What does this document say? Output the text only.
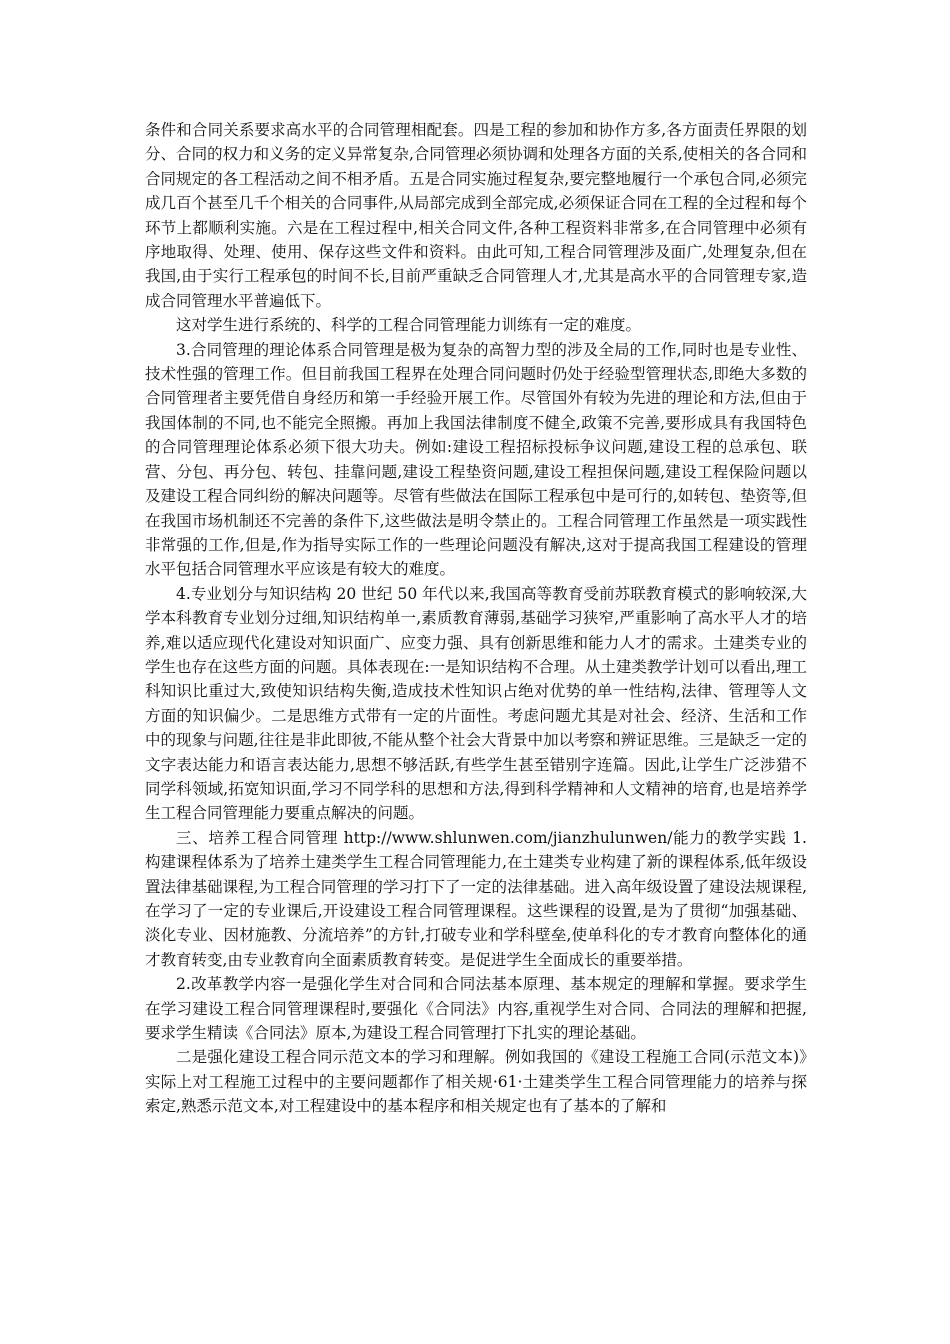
条件和合同关系要求高水平的合同管理相配套。四是工程的参加和协作方多,各方面责任界限的划分、合同的权力和义务的定义异常复杂,合同管理必须协调和处理各方面的关系,使相关的各合同和合同规定的各工程活动之间不相矛盾。五是合同实施过程复杂,要完整地履行一个承包合同,必须完成几百个甚至几千个相关的合同事件,从局部完成到全部完成,必须保证合同在工程的全过程和每个环节上都顺利实施。六是在工程过程中,相关合同文件,各种工程资料非常多,在合同管理中必须有序地取得、处理、使用、保存这些文件和资料。由此可知,工程合同管理涉及面广,处理复杂,但在我国,由于实行工程承包的时间不长,目前严重缺乏合同管理人才,尤其是高水平的合同管理专家,造成合同管理水平普遍低下。

这对学生进行系统的、科学的工程合同管理能力训练有一定的难度。

3.合同管理的理论体系合同管理是极为复杂的高智力型的涉及全局的工作,同时也是专业性、技术性强的管理工作。但目前我国工程界在处理合同问题时仍处于经验型管理状态,即绝大多数的合同管理者主要凭借自身经历和第一手经验开展工作。尽管国外有较为先进的理论和方法,但由于我国体制的不同,也不能完全照搬。再加上我国法律制度不健全,政策不完善,要形成具有我国特色的合同管理理论体系必须下很大功夫。例如:建设工程招标投标争议问题,建设工程的总承包、联营、分包、再分包、转包、挂靠问题,建设工程垫资问题,建设工程担保问题,建设工程保险问题以及建设工程合同纠纷的解决问题等。尽管有些做法在国际工程承包中是可行的,如转包、垫资等,但在我国市场机制还不完善的条件下,这些做法是明令禁止的。工程合同管理工作虽然是一项实践性非常强的工作,但是,作为指导实际工作的一些理论问题没有解决,这对于提高我国工程建设的管理水平包括合同管理水平应该是有较大的难度。

4.专业划分与知识结构 20 世纪 50 年代以来,我国高等教育受前苏联教育模式的影响较深,大学本科教育专业划分过细,知识结构单一,素质教育薄弱,基础学习狭窄,严重影响了高水平人才的培养,难以适应现代化建设对知识面广、应变力强、具有创新思维和能力人才的需求。土建类专业的学生也存在这些方面的问题。具体表现在:一是知识结构不合理。从土建类教学计划可以看出,理工科知识比重过大,致使知识结构失衡,造成技术性知识占绝对优势的单一性结构,法律、管理等人文方面的知识偏少。二是思维方式带有一定的片面性。考虑问题尤其是对社会、经济、生活和工作中的现象与问题,往往是非此即彼,不能从整个社会大背景中加以考察和辨证思维。三是缺乏一定的文字表达能力和语言表达能力,思想不够活跃,有些学生甚至错别字连篇。因此,让学生广泛涉猎不同学科领域,拓宽知识面,学习不同学科的思想和方法,得到科学精神和人文精神的培育,也是培养学生工程合同管理能力要重点解决的问题。

三、培养工程合同管理 http://www.shlunwen.com/jianzhulunwen/能力的教学实践 1.构建课程体系为了培养土建类学生工程合同管理能力,在土建类专业构建了新的课程体系,低年级设置法律基础课程,为工程合同管理的学习打下了一定的法律基础。进入高年级设置了建设法规课程,在学习了一定的专业课后,开设建设工程合同管理课程。这些课程的设置,是为了贯彻“加强基础、淡化专业、因材施教、分流培养”的方针,打破专业和学科壁垒,使单科化的专才教育向整体化的通才教育转变,由专业教育向全面素质教育转变。是促进学生全面成长的重要举措。

2.改革教学内容一是强化学生对合同和合同法基本原理、基本规定的理解和掌握。要求学生在学习建设工程合同管理课程时,要强化《合同法》内容,重视学生对合同、合同法的理解和把握,要求学生精读《合同法》原本,为建设工程合同管理打下扎实的理论基础。

二是强化建设工程合同示范文本的学习和理解。例如我国的《建设工程施工合同(示范文本)》实际上对工程施工过程中的主要问题都作了相关规·61·土建类学生工程合同管理能力的培养与探索定,熟悉示范文本,对工程建设中的基本程序和相关规定也有了基本的了解和
